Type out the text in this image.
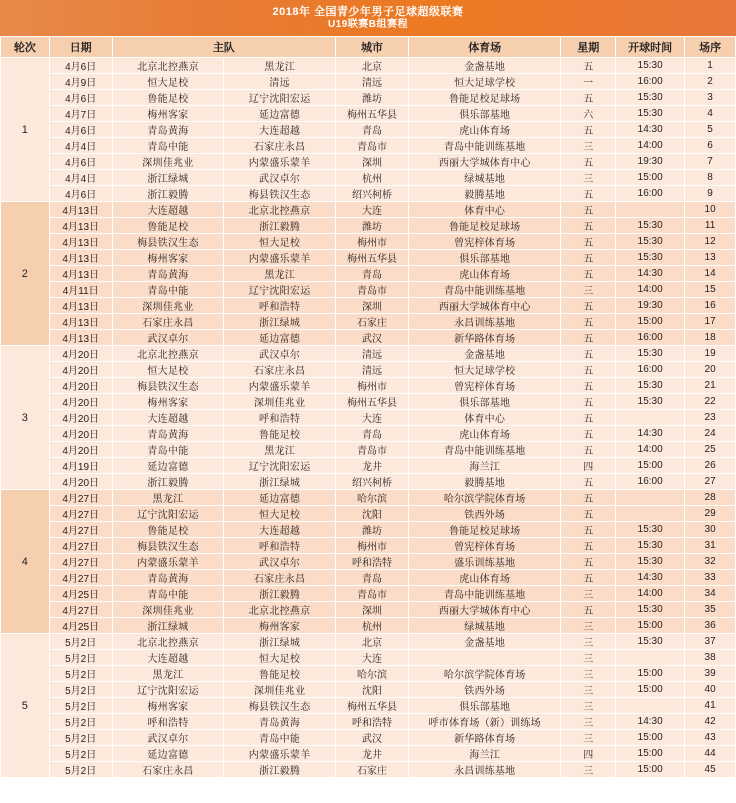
2018年 全国青少年男子足球超级联赛
U19联赛B组赛程
轮次	日期	主队		城市	体育场	星期	开球时间	场序
1	4月6日	北京北控燕京	黑龙江	北京	金盏基地	五	15:30	1
	4月9日	恒大足校	清远	清远	恒大足球学校	一	16:00	2
	4月6日	鲁能足校	辽宁沈阳宏运	潍坊	鲁能足校足球场	五	15:30	3
	4月7日	梅州客家	延边富德	梅州五华县	俱乐部基地	六	15:30	4
	4月6日	青岛黄海	大连超越	青岛	虎山体育场	五	14:30	5
	4月4日	青岛中能	石家庄永昌	青岛市	青岛中能训练基地	三	14:00	6
	4月6日	深圳佳兆业	内蒙盛乐蒙羊	深圳	西丽大学城体育中心	五	19:30	7
	4月4日	浙江绿城	武汉卓尔	杭州	绿城基地	三	15:00	8
	4月6日	浙江毅腾	梅县铁汉生态	绍兴柯桥	毅腾基地	五	16:00	9
2	4月13日	大连超越	北京北控燕京	大连	体育中心	五		10
	4月13日	鲁能足校	浙江毅腾	潍坊	鲁能足校足球场	五	15:30	11
	4月13日	梅县铁汉生态	恒大足校	梅州市	曾宪梓体育场	五	15:30	12
	4月13日	梅州客家	内蒙盛乐蒙羊	梅州五华县	俱乐部基地	五	15:30	13
	4月13日	青岛黄海	黑龙江	青岛	虎山体育场	五	14:30	14
	4月11日	青岛中能	辽宁沈阳宏运	青岛市	青岛中能训练基地	三	14:00	15
	4月13日	深圳佳兆业	呼和浩特	深圳	西丽大学城体育中心	五	19:30	16
	4月13日	石家庄永昌	浙江绿城	石家庄	永昌训练基地	五	15:00	17
	4月13日	武汉卓尔	延边富德	武汉	新华路体育场	五	16:00	18
3	4月20日	北京北控燕京	武汉卓尔	清远	金盏基地	五	15:30	19
	4月20日	恒大足校	石家庄永昌	清远	恒大足球学校	五	16:00	20
	4月20日	梅县铁汉生态	内蒙盛乐蒙羊	梅州市	曾宪梓体育场	五	15:30	21
	4月20日	梅州客家	深圳佳兆业	梅州五华县	俱乐部基地	五	15:30	22
	4月20日	大连超越	呼和浩特	大连	体育中心	五		23
	4月20日	青岛黄海	鲁能足校	青岛	虎山体育场	五	14:30	24
	4月20日	青岛中能	黑龙江	青岛市	青岛中能训练基地	五	14:00	25
	4月19日	延边富德	辽宁沈阳宏运	龙井	海兰江	四	15:00	26
	4月20日	浙江毅腾	浙江绿城	绍兴柯桥	毅腾基地	五	16:00	27
4	4月27日	黑龙江	延边富德	哈尔滨	哈尔滨学院体育场	五		28
	4月27日	辽宁沈阳宏运	恒大足校	沈阳	铁西外场	五		29
	4月27日	鲁能足校	大连超越	潍坊	鲁能足校足球场	五	15:30	30
	4月27日	梅县铁汉生态	呼和浩特	梅州市	曾宪梓体育场	五	15:30	31
	4月27日	内蒙盛乐蒙羊	武汉卓尔	呼和浩特	盛乐训练基地	五	15:30	32
	4月27日	青岛黄海	石家庄永昌	青岛	虎山体育场	五	14:30	33
	4月25日	青岛中能	浙江毅腾	青岛市	青岛中能训练基地	三	14:00	34
	4月27日	深圳佳兆业	北京北控燕京	深圳	西丽大学城体育中心	五	15:30	35
	4月25日	浙江绿城	梅州客家	杭州	绿城基地	三	15:00	36
5	5月2日	北京北控燕京	浙江绿城	北京	金盏基地	三	15:30	37
	5月2日	大连超越	恒大足校	大连		三		38
	5月2日	黑龙江	鲁能足校	哈尔滨	哈尔滨学院体育场	三	15:00	39
	5月2日	辽宁沈阳宏运	深圳佳兆业	沈阳	铁西外场	三	15:00	40
	5月2日	梅州客家	梅县铁汉生态	梅州五华县	俱乐部基地	三		41
	5月2日	呼和浩特	青岛黄海	呼和浩特	呼市体育场（新）训练场	三	14:30	42
	5月2日	武汉卓尔	青岛中能	武汉	新华路体育场	三	15:00	43
	5月2日	延边富德	内蒙盛乐蒙羊	龙井	海兰江	四	15:00	44
	5月2日	石家庄永昌	浙江毅腾	石家庄	永昌训练基地	三	15:00	45
